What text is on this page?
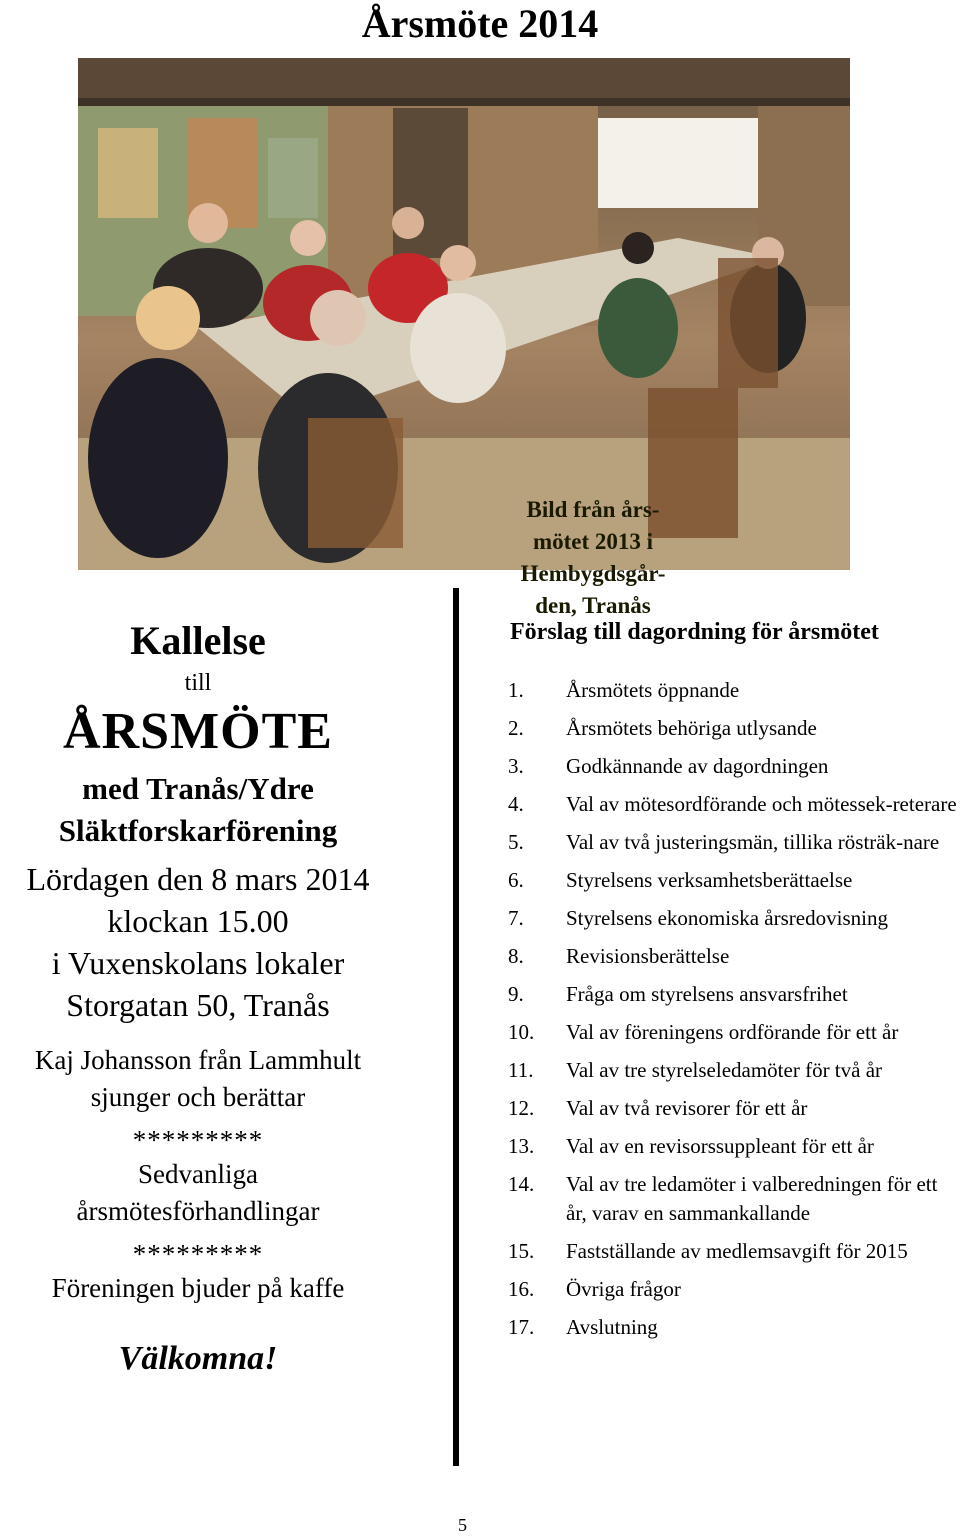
Årsmöte 2014
Bild från års-
mötet 2013 i
Hembygdsgår-
den, Tranås
Kallelse
till
ÅRSMÖTE
med Tranås/Ydre
Släktforskarförening
Lördagen den 8 mars 2014
klockan 15.00
i Vuxenskolans lokaler
Storgatan 50, Tranås
Kaj Johansson från Lammhult
sjunger och berättar
*********
Sedvanliga
årsmötesförhandlingar
*********
Föreningen bjuder på kaffe
Välkomna!
Förslag till dagordning för årsmötet
1.	Årsmötets öppnande
2.	Årsmötets behöriga utlysande
3.	Godkännande av dagordningen
4.	Val av mötesordförande och mötessek-reterare
5.	Val av två justeringsmän, tillika rösträk-nare
6.	Styrelsens verksamhetsberättaelse
7.	Styrelsens ekonomiska årsredovisning
8.	Revisionsberättelse
9.	Fråga om styrelsens ansvarsfrihet
10.	Val av föreningens ordförande för ett år
11.	Val av tre styrelseledamöter för två år
12.	Val av två revisorer för ett år
13.	Val av en revisorssuppleant för ett år
14.	Val av tre ledamöter i valberedningen för ett år, varav en sammankallande
15.	Fastställande av medlemsavgift för 2015
16.	Övriga frågor
17.	Avslutning
5
